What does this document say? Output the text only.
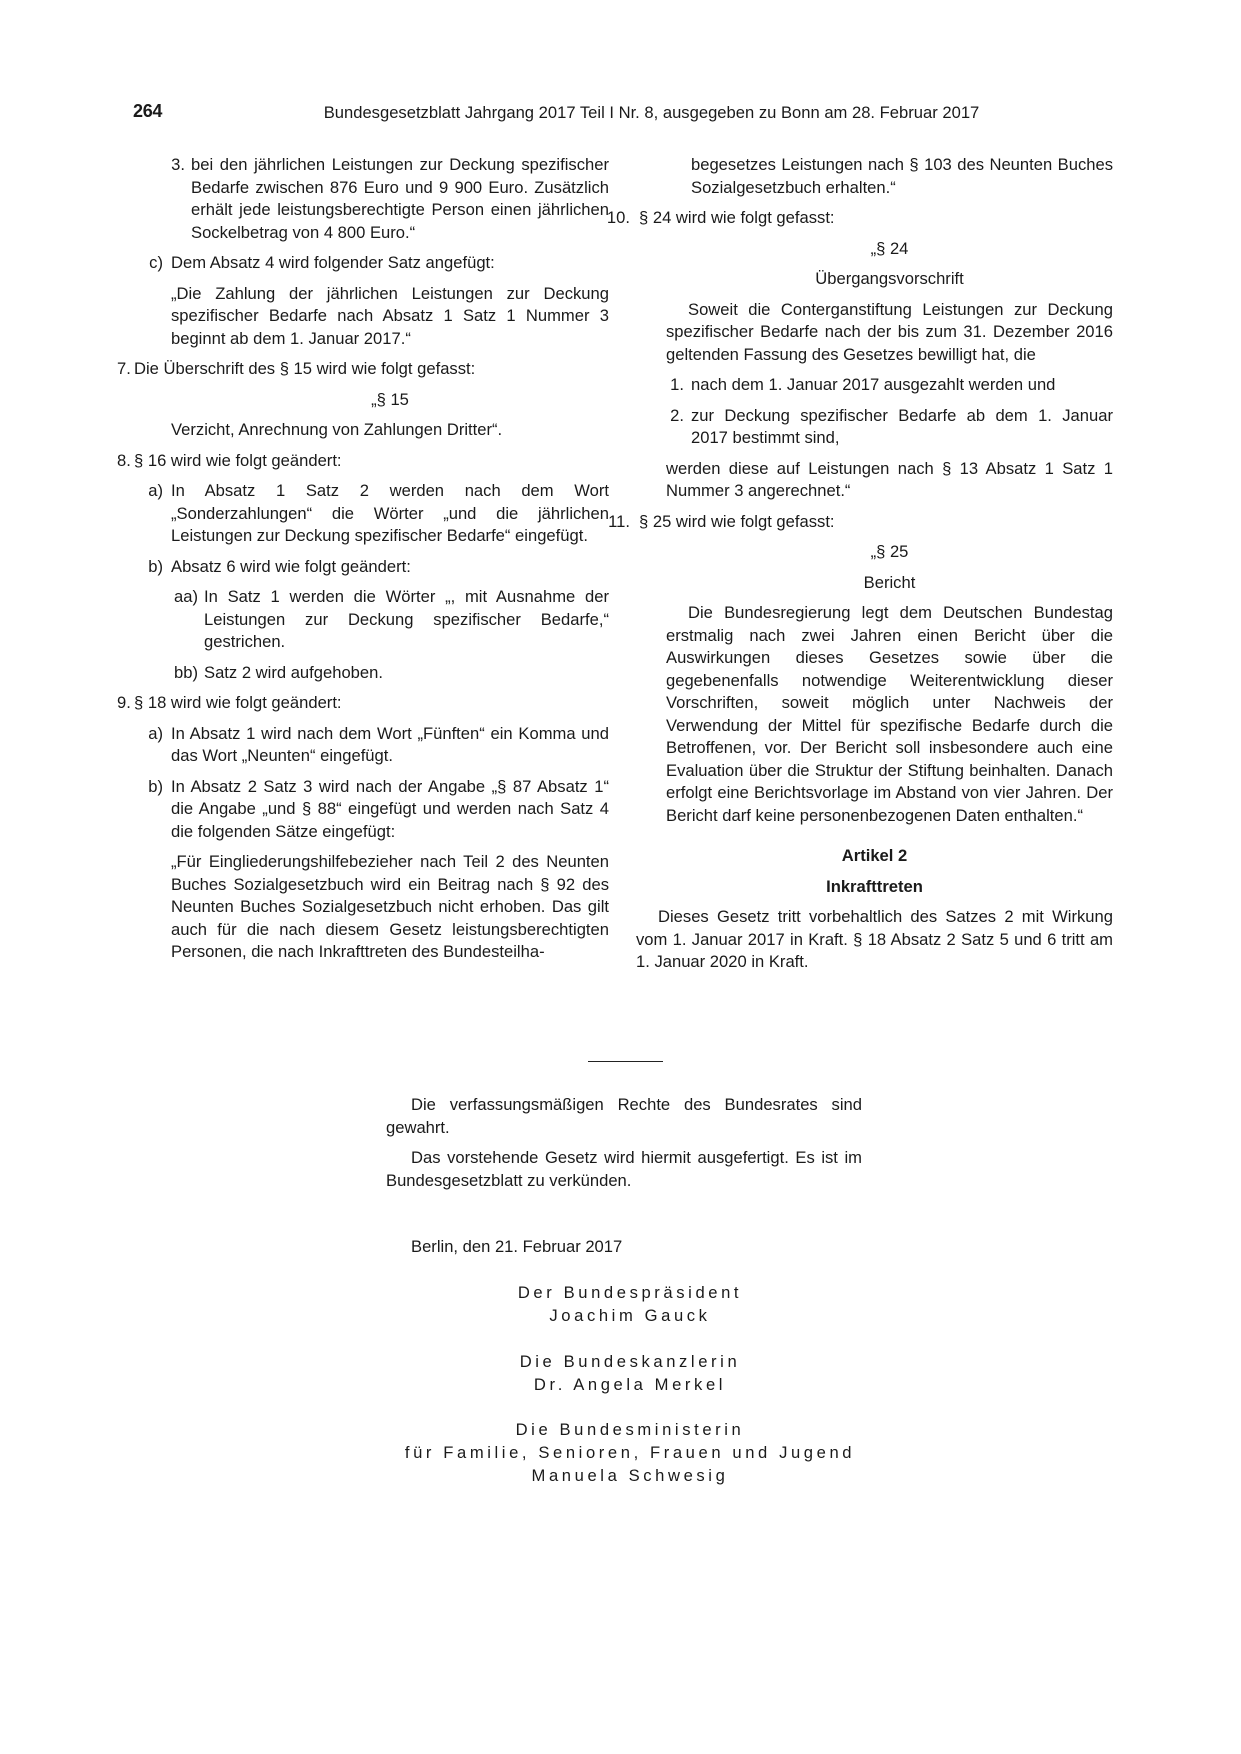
264	Bundesgesetzblatt Jahrgang 2017 Teil I Nr. 8, ausgegeben zu Bonn am 28. Februar 2017
3. bei den jährlichen Leistungen zur Deckung spezifischer Bedarfe zwischen 876 Euro und 9 900 Euro. Zusätzlich erhält jede leistungsberechtigte Person einen jährlichen Sockelbetrag von 4 800 Euro.“
c) Dem Absatz 4 wird folgender Satz angefügt:

„Die Zahlung der jährlichen Leistungen zur Deckung spezifischer Bedarfe nach Absatz 1 Satz 1 Nummer 3 beginnt ab dem 1. Januar 2017.“

7. Die Überschrift des § 15 wird wie folgt gefasst:

„§ 15

Verzicht, Anrechnung von Zahlungen Dritter“.

8. § 16 wird wie folgt geändert:
a) In Absatz 1 Satz 2 werden nach dem Wort „Sonderzahlungen“ die Wörter „und die jährlichen Leistungen zur Deckung spezifischer Bedarfe“ eingefügt.
b) Absatz 6 wird wie folgt geändert:
aa) In Satz 1 werden die Wörter „, mit Ausnahme der Leistungen zur Deckung spezifischer Bedarfe,“ gestrichen.
bb) Satz 2 wird aufgehoben.
9. § 18 wird wie folgt geändert:
a) In Absatz 1 wird nach dem Wort „Fünften“ ein Komma und das Wort „Neunten“ eingefügt.
b) In Absatz 2 Satz 3 wird nach der Angabe „§ 87 Absatz 1“ die Angabe „und § 88“ eingefügt und werden nach Satz 4 die folgenden Sätze eingefügt:

„Für Eingliederungshilfebezieher nach Teil 2 des Neunten Buches Sozialgesetzbuch wird ein Beitrag nach § 92 des Neunten Buches Sozialgesetzbuch nicht erhoben. Das gilt auch für die nach diesem Gesetz leistungsberechtigten Personen, die nach Inkrafttreten des Bundesteilha-

begesetzes Leistungen nach § 103 des Neunten Buches Sozialgesetzbuch erhalten.“

10. § 24 wird wie folgt gefasst:

„§ 24

Übergangsvorschrift

Soweit die Conterganstiftung Leistungen zur Deckung spezifischer Bedarfe nach der bis zum 31. Dezember 2016 geltenden Fassung des Gesetzes bewilligt hat, die

1. nach dem 1. Januar 2017 ausgezahlt werden und
2. zur Deckung spezifischer Bedarfe ab dem 1. Januar 2017 bestimmt sind,

werden diese auf Leistungen nach § 13 Absatz 1 Satz 1 Nummer 3 angerechnet.“

11. § 25 wird wie folgt gefasst:

„§ 25

Bericht

Die Bundesregierung legt dem Deutschen Bundestag erstmalig nach zwei Jahren einen Bericht über die Auswirkungen dieses Gesetzes sowie über die gegebenenfalls notwendige Weiterentwicklung dieser Vorschriften, soweit möglich unter Nachweis der Verwendung der Mittel für spezifische Bedarfe durch die Betroffenen, vor. Der Bericht soll insbesondere auch eine Evaluation über die Struktur der Stiftung beinhalten. Danach erfolgt eine Berichtsvorlage im Abstand von vier Jahren. Der Bericht darf keine personenbezogenen Daten enthalten.“

Artikel 2

Inkrafttreten

Dieses Gesetz tritt vorbehaltlich des Satzes 2 mit Wirkung vom 1. Januar 2017 in Kraft. § 18 Absatz 2 Satz 5 und 6 tritt am 1. Januar 2020 in Kraft.

Die verfassungsmäßigen Rechte des Bundesrates sind gewahrt.

Das vorstehende Gesetz wird hiermit ausgefertigt. Es ist im Bundesgesetzblatt zu verkünden.

Berlin, den 21. Februar 2017
Der Bundespräsident
Joachim Gauck
Die Bundeskanzlerin
Dr. Angela Merkel
Die Bundesministerin
für Familie, Senioren, Frauen und Jugend
Manuela Schwesig
